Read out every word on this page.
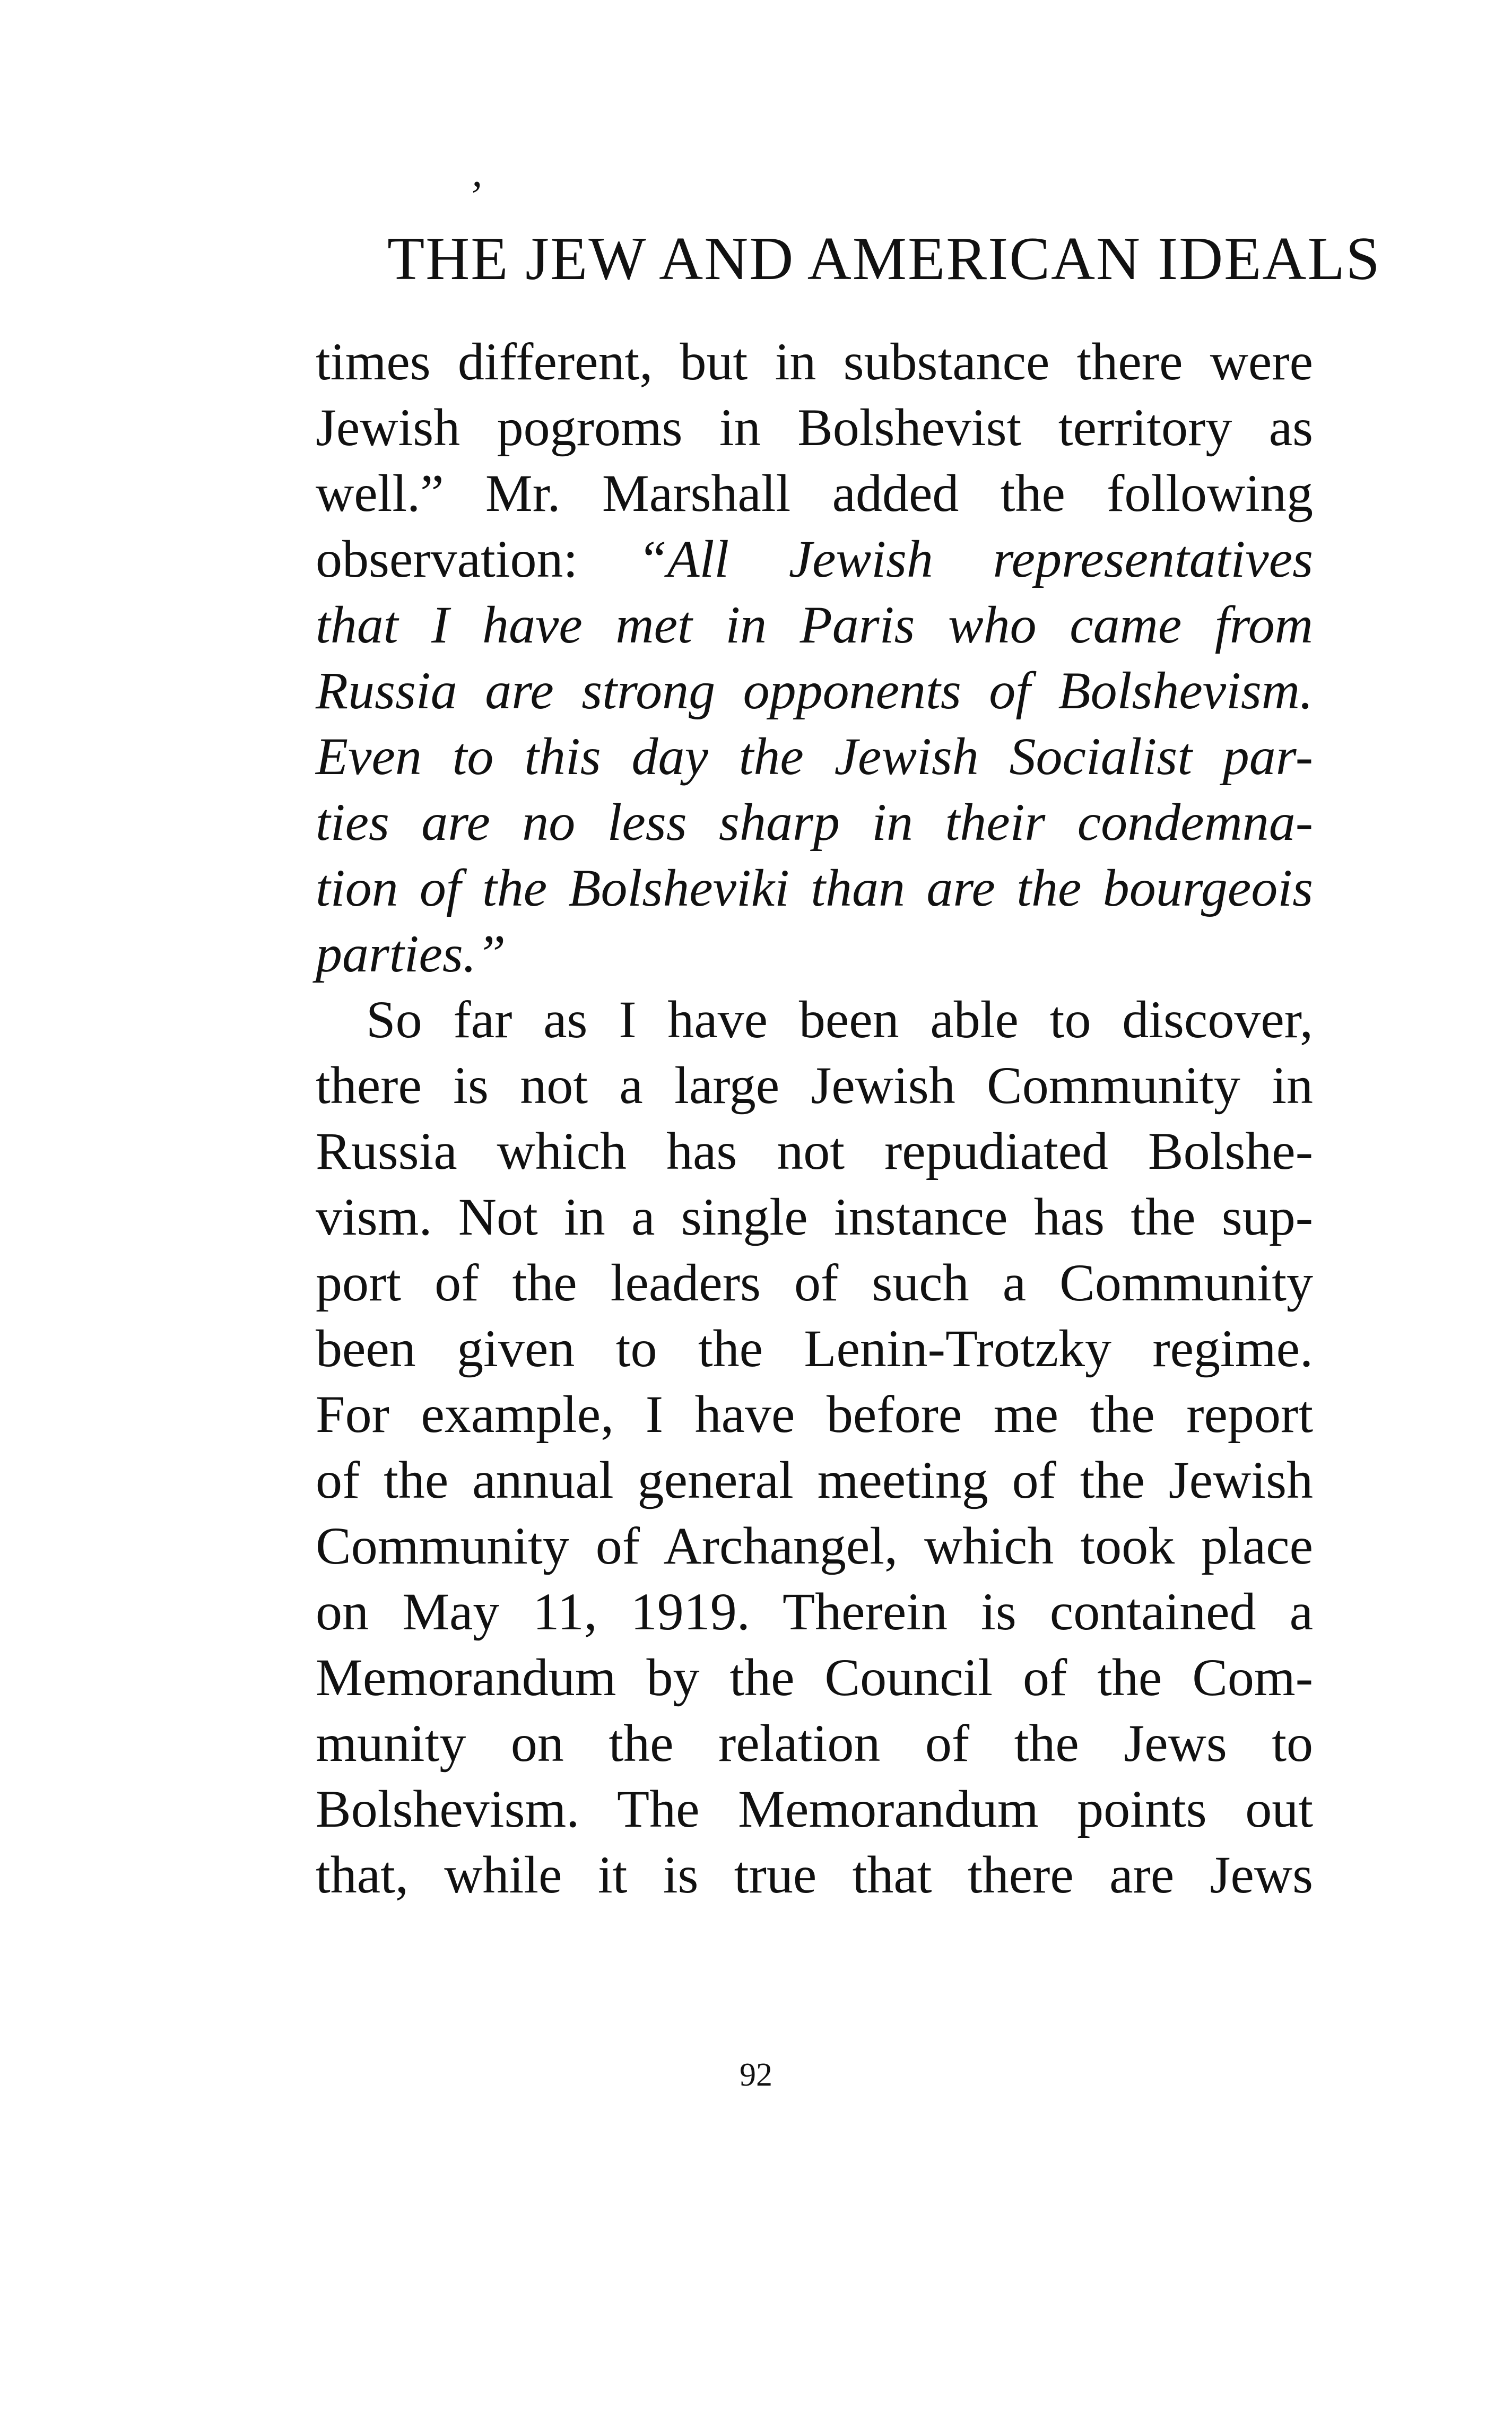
’
THE JEW AND AMERICAN IDEALS
times different, but in substance there were
Jewish pogroms in Bolshevist territory as
well.” Mr. Marshall added the following
observation: “All Jewish representatives
that I have met in Paris who came from
Russia are strong opponents of Bolshevism.
Even to this day the Jewish Socialist par-
ties are no less sharp in their condemna-
tion of the Bolsheviki than are the bourgeois
parties.”
So far as I have been able to discover,
there is not a large Jewish Community in
Russia which has not repudiated Bolshe-
vism. Not in a single instance has the sup-
port of the leaders of such a Community
been given to the Lenin-Trotzky regime.
For example, I have before me the report
of the annual general meeting of the Jewish
Community of Archangel, which took place
on May 11, 1919. Therein is contained a
Memorandum by the Council of the Com-
munity on the relation of the Jews to
Bolshevism. The Memorandum points out
that, while it is true that there are Jews
92
